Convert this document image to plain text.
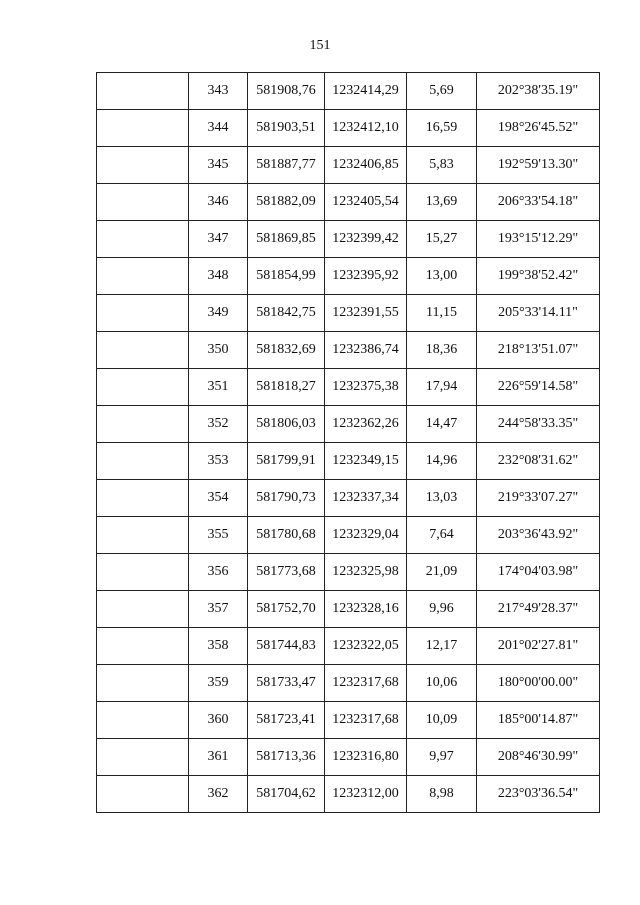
151
	343	581908,76	1232414,29	5,69	202°38'35.19"
	344	581903,51	1232412,10	16,59	198°26'45.52"
	345	581887,77	1232406,85	5,83	192°59'13.30"
	346	581882,09	1232405,54	13,69	206°33'54.18"
	347	581869,85	1232399,42	15,27	193°15'12.29"
	348	581854,99	1232395,92	13,00	199°38'52.42"
	349	581842,75	1232391,55	11,15	205°33'14.11"
	350	581832,69	1232386,74	18,36	218°13'51.07"
	351	581818,27	1232375,38	17,94	226°59'14.58"
	352	581806,03	1232362,26	14,47	244°58'33.35"
	353	581799,91	1232349,15	14,96	232°08'31.62"
	354	581790,73	1232337,34	13,03	219°33'07.27"
	355	581780,68	1232329,04	7,64	203°36'43.92"
	356	581773,68	1232325,98	21,09	174°04'03.98"
	357	581752,70	1232328,16	9,96	217°49'28.37"
	358	581744,83	1232322,05	12,17	201°02'27.81"
	359	581733,47	1232317,68	10,06	180°00'00.00"
	360	581723,41	1232317,68	10,09	185°00'14.87"
	361	581713,36	1232316,80	9,97	208°46'30.99"
	362	581704,62	1232312,00	8,98	223°03'36.54"
